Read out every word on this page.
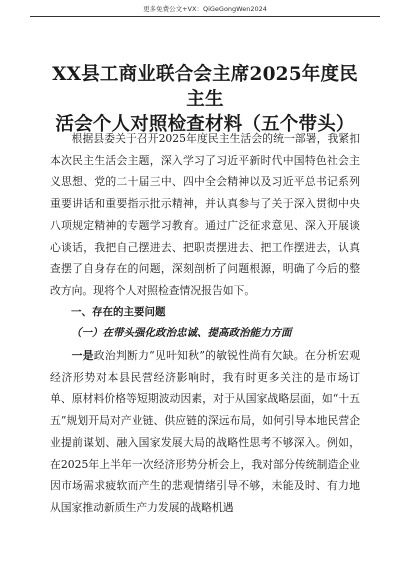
更多免费公文+VX：QiGeGongWen2024
XX县工商业联合会主席2025年度民主生
活会个人对照检查材料（五个带头）

根据县委关于召开2025年度民主生活会的统一部署，我紧扣本次民主生活会主题，深入学习了习近平新时代中国特色社会主义思想、党的二十届三中、四中全会精神以及习近平总书记系列重要讲话和重要指示批示精神，并认真参与了关于深入贯彻中央八项规定精神的专题学习教育。通过广泛征求意见、深入开展谈心谈话，我把自己摆进去、把职责摆进去、把工作摆进去，认真查摆了自身存在的问题，深刻剖析了问题根源，明确了今后的整改方向。现将个人对照检查情况报告如下。

一、存在的主要问题

（一）在带头强化政治忠诚、提高政治能力方面

一是政治判断力“见叶知秋”的敏锐性尚有欠缺。在分析宏观经济形势对本县民营经济影响时，我有时更多关注的是市场订单、原材料价格等短期波动因素，对于从国家战略层面，如“十五五”规划开局对产业链、供应链的深远布局，如何引导本地民营企业提前谋划、融入国家发展大局的战略性思考不够深入。例如，在2025年上半年一次经济形势分析会上，我对部分传统制造企业因市场需求疲软而产生的悲观情绪引导不够，未能及时、有力地从国家推动新质生产力发展的战略机遇
